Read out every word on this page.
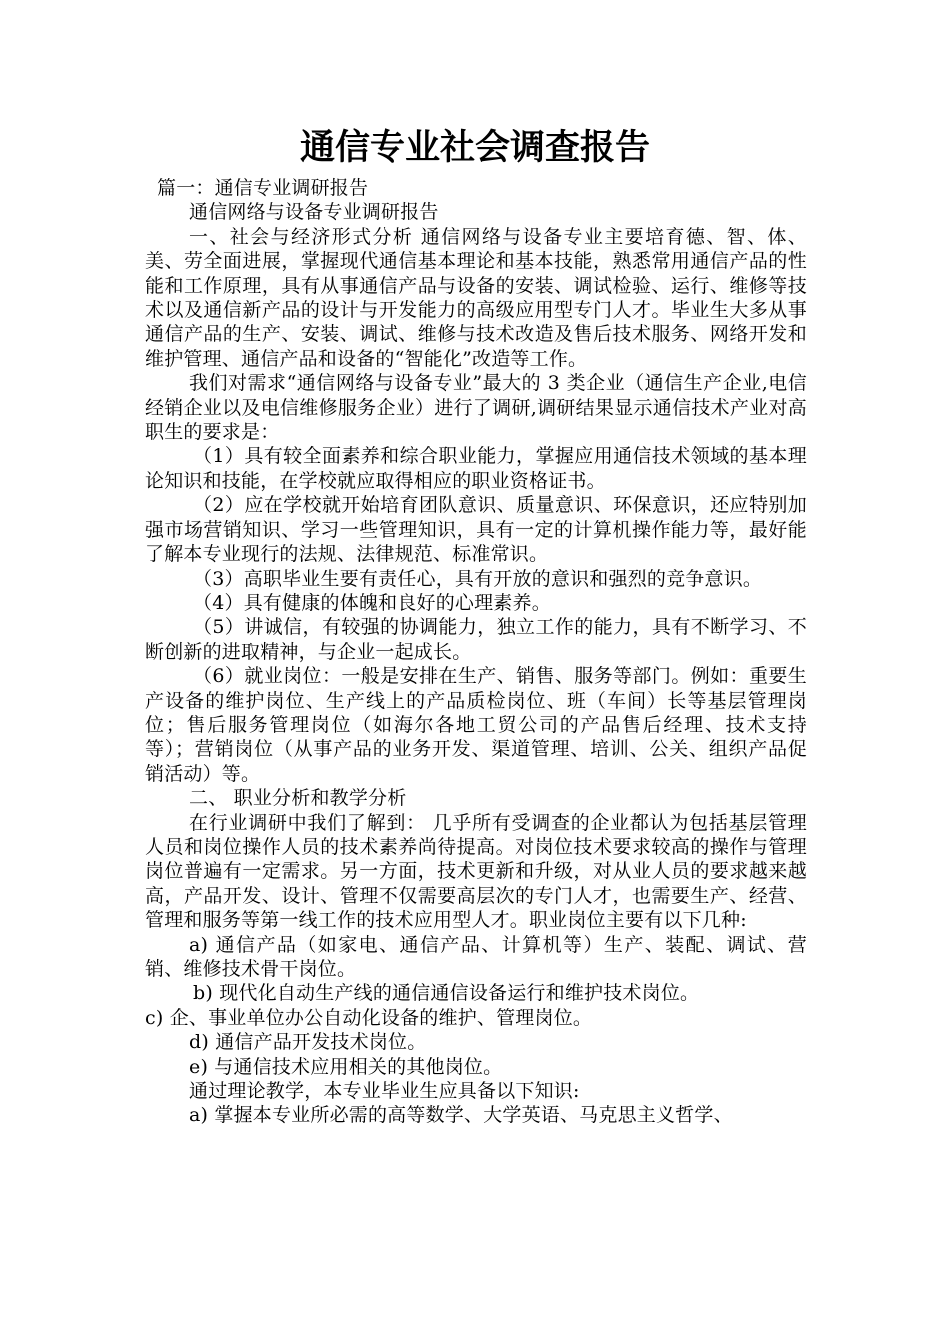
通信专业社会调查报告

篇一：通信专业调研报告

通信网络与设备专业调研报告

一、社会与经济形式分析 通信网络与设备专业主要培育德、智、体、美、劳全面进展，掌握现代通信基本理论和基本技能，熟悉常用通信产品的性能和工作原理，具有从事通信产品与设备的安装、调试检验、运行、维修等技术以及通信新产品的设计与开发能力的高级应用型专门人才。毕业生大多从事通信产品的生产、安装、调试、维修与技术改造及售后技术服务、网络开发和维护管理、通信产品和设备的“智能化”改造等工作。

我们对需求“通信网络与设备专业”最大的 3 类企业（通信生产企业,电信经销企业以及电信维修服务企业）进行了调研,调研结果显示通信技术产业对高职生的要求是：

（1）具有较全面素养和综合职业能力，掌握应用通信技术领域的基本理论知识和技能，在学校就应取得相应的职业资格证书。

（2）应在学校就开始培育团队意识、质量意识、环保意识，还应特别加强市场营销知识、学习一些管理知识，具有一定的计算机操作能力等，最好能了解本专业现行的法规、法律规范、标准常识。

（3）高职毕业生要有责任心，具有开放的意识和强烈的竞争意识。

（4）具有健康的体魄和良好的心理素养。

（5）讲诚信，有较强的协调能力，独立工作的能力，具有不断学习、不断创新的进取精神，与企业一起成长。

（6）就业岗位：一般是安排在生产、销售、服务等部门。例如：重要生产设备的维护岗位、生产线上的产品质检岗位、班（车间）长等基层管理岗位；售后服务管理岗位（如海尔各地工贸公司的产品售后经理、技术支持等）；营销岗位（从事产品的业务开发、渠道管理、培训、公关、组织产品促销活动）等。

二、 职业分析和教学分析

在行业调研中我们了解到： 几乎所有受调查的企业都认为包括基层管理人员和岗位操作人员的技术素养尚待提高。对岗位技术要求较高的操作与管理岗位普遍有一定需求。另一方面，技术更新和升级，对从业人员的要求越来越高，产品开发、设计、管理不仅需要高层次的专门人才，也需要生产、经营、管理和服务等第一线工作的技术应用型人才。职业岗位主要有以下几种:

a) 通信产品（如家电、通信产品、计算机等）生产、装配、调试、营销、维修技术骨干岗位。

b) 现代化自动生产线的通信通信设备运行和维护技术岗位。

c) 企、事业单位办公自动化设备的维护、管理岗位。

d) 通信产品开发技术岗位。

e) 与通信技术应用相关的其他岗位。

通过理论教学，本专业毕业生应具备以下知识:

a) 掌握本专业所必需的高等数学、大学英语、马克思主义哲学、
